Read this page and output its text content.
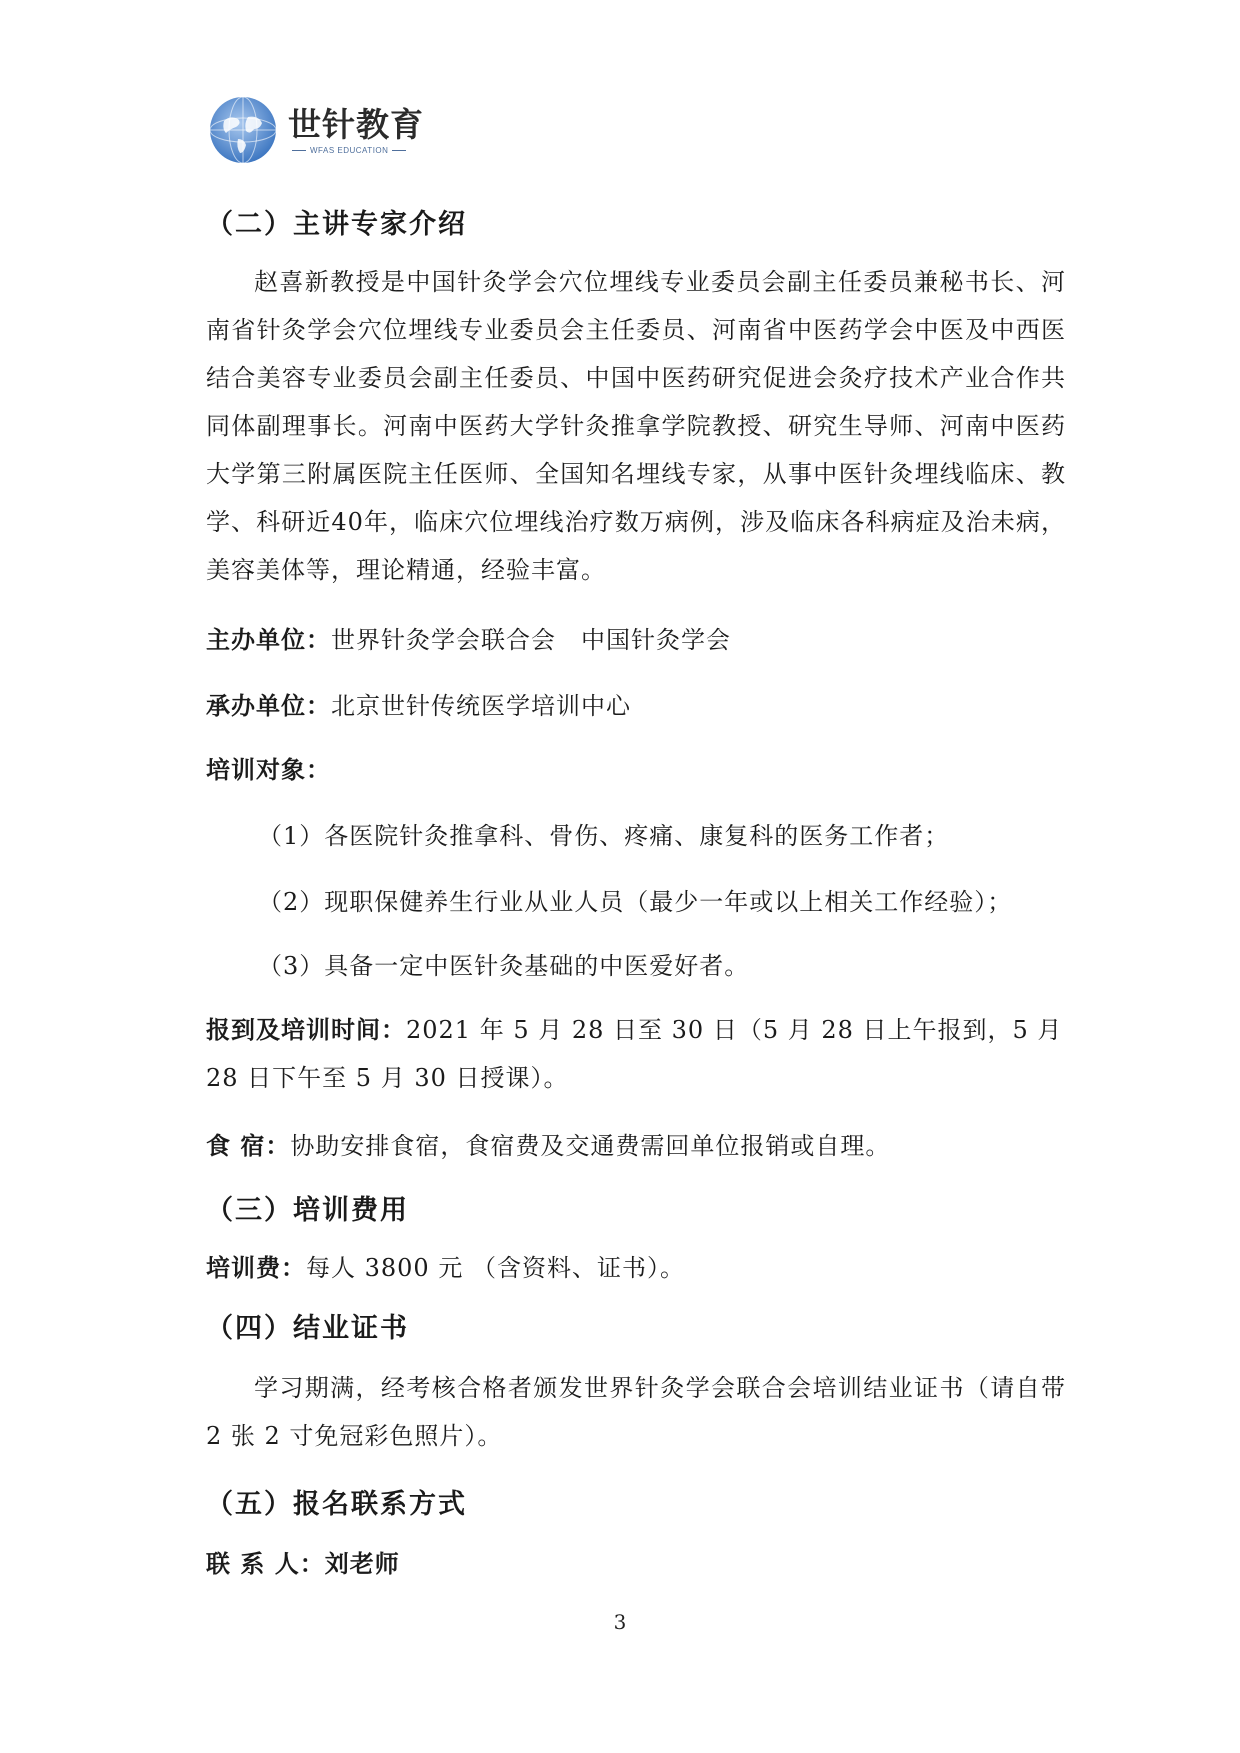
世针教育
WFAS EDUCATION
（二）主讲专家介绍
赵喜新教授是中国针灸学会穴位埋线专业委员会副主任委员兼秘书长、河南省针灸学会穴位埋线专业委员会主任委员、河南省中医药学会中医及中西医结合美容专业委员会副主任委员、中国中医药研究促进会灸疗技术产业合作共同体副理事长。河南中医药大学针灸推拿学院教授、研究生导师、河南中医药大学第三附属医院主任医师、全国知名埋线专家，从事中医针灸埋线临床、教学、科研近40年，临床穴位埋线治疗数万病例，涉及临床各科病症及治未病，美容美体等，理论精通，经验丰富。
主办单位：世界针灸学会联合会　中国针灸学会
承办单位：北京世针传统医学培训中心
培训对象：
（1）各医院针灸推拿科、骨伤、疼痛、康复科的医务工作者；
（2）现职保健养生行业从业人员（最少一年或以上相关工作经验）；
（3）具备一定中医针灸基础的中医爱好者。
报到及培训时间：2021 年 5 月 28 日至 30 日（5 月 28 日上午报到，5 月 28 日下午至 5 月 30 日授课）。
食 宿：协助安排食宿，食宿费及交通费需回单位报销或自理。
（三）培训费用
培训费：每人 3800 元 （含资料、证书）。
（四）结业证书
学习期满，经考核合格者颁发世界针灸学会联合会培训结业证书（请自带 2 张 2 寸免冠彩色照片）。
（五）报名联系方式
联 系 人：刘老师
3
